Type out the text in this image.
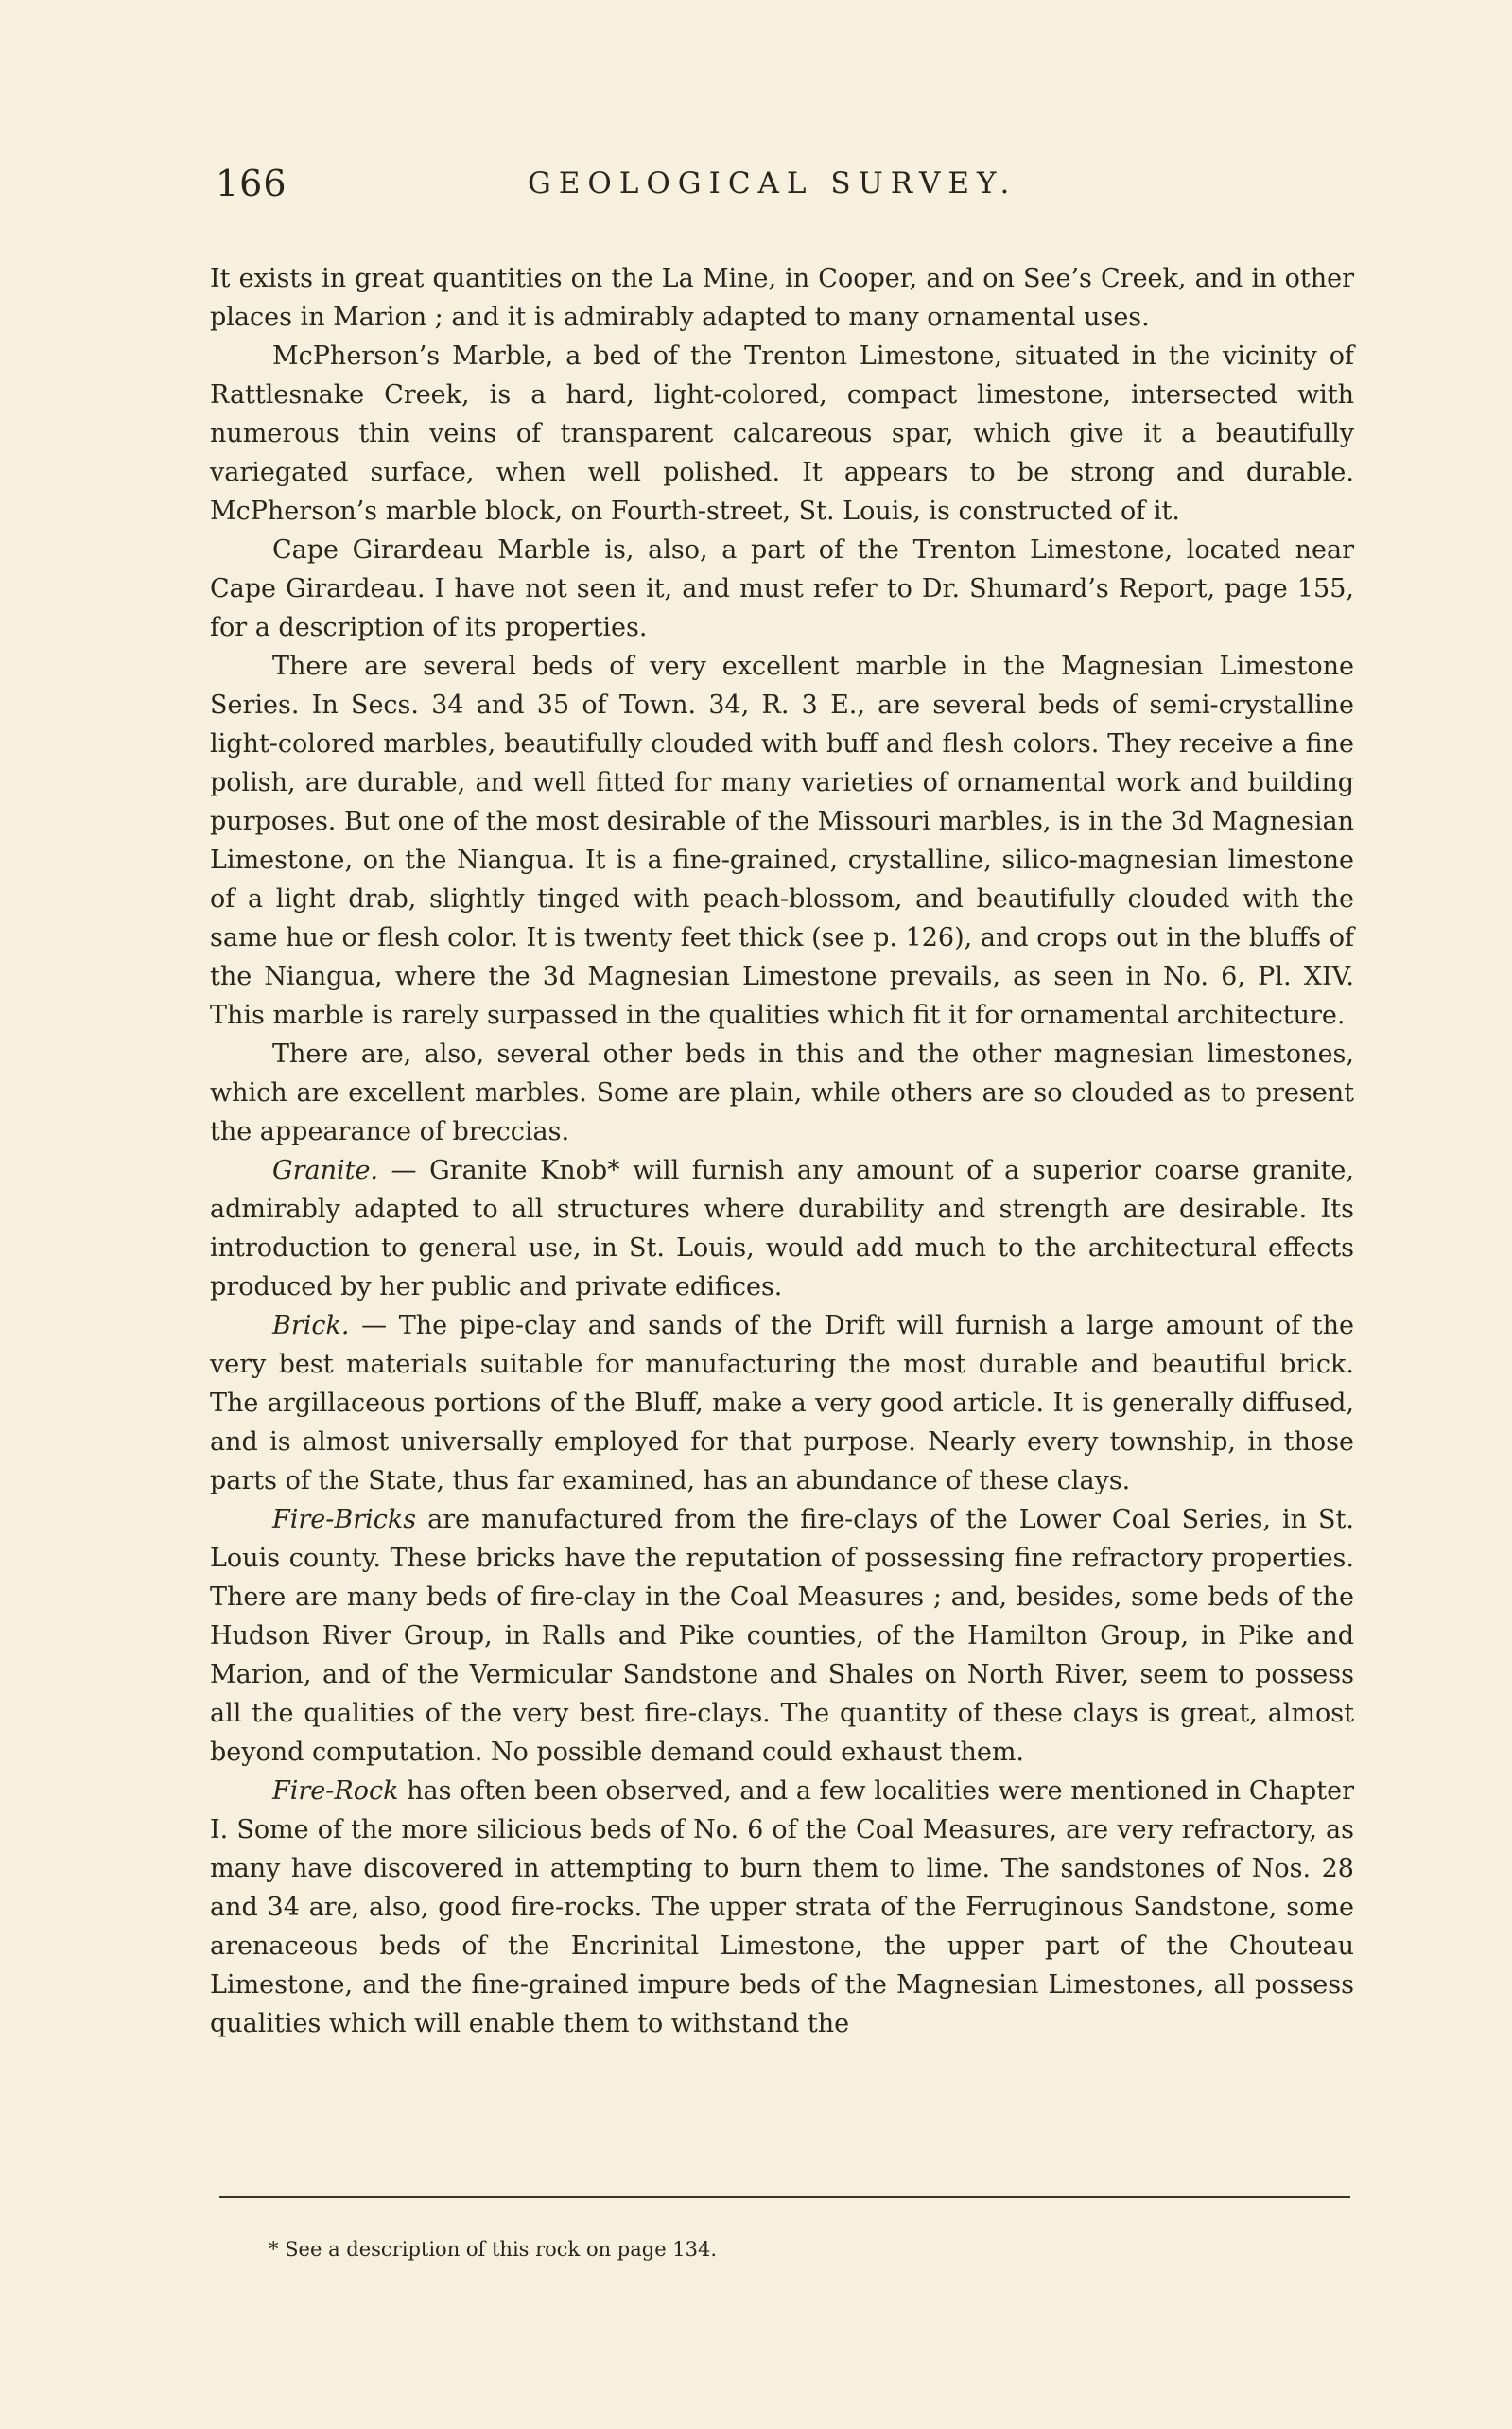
166	GEOLOGICAL SURVEY.

It exists in great quantities on the La Mine, in Cooper, and on See’s Creek, and in other places in Marion ; and it is admirably adapted to many ornamental uses.

McPherson’s Marble, a bed of the Trenton Limestone, situated in the vicinity of Rattlesnake Creek, is a hard, light-colored, compact limestone, intersected with numerous thin veins of transparent calcareous spar, which give it a beautifully variegated surface, when well polished. It appears to be strong and durable. McPherson’s marble block, on Fourth-street, St. Louis, is constructed of it.

Cape Girardeau Marble is, also, a part of the Trenton Limestone, located near Cape Girardeau. I have not seen it, and must refer to Dr. Shumard’s Report, page 155, for a description of its properties.

There are several beds of very excellent marble in the Magnesian Limestone Series. In Secs. 34 and 35 of Town. 34, R. 3 E., are several beds of semi-crystalline light-colored marbles, beautifully clouded with buff and flesh colors. They receive a fine polish, are durable, and well fitted for many varieties of ornamental work and building purposes. But one of the most desirable of the Missouri marbles, is in the 3d Magnesian Limestone, on the Niangua. It is a fine-grained, crystalline, silico-magnesian limestone of a light drab, slightly tinged with peach-blossom, and beautifully clouded with the same hue or flesh color. It is twenty feet thick (see p. 126), and crops out in the bluffs of the Niangua, where the 3d Magnesian Limestone prevails, as seen in No. 6, Pl. XIV. This marble is rarely surpassed in the qualities which fit it for ornamental architecture.

There are, also, several other beds in this and the other magnesian limestones, which are excellent marbles. Some are plain, while others are so clouded as to present the appearance of breccias.

Granite. — Granite Knob* will furnish any amount of a superior coarse granite, admirably adapted to all structures where durability and strength are desirable. Its introduction to general use, in St. Louis, would add much to the architectural effects produced by her public and private edifices.

Brick. — The pipe-clay and sands of the Drift will furnish a large amount of the very best materials suitable for manufacturing the most durable and beautiful brick. The argillaceous portions of the Bluff, make a very good article. It is generally diffused, and is almost universally employed for that purpose. Nearly every township, in those parts of the State, thus far examined, has an abundance of these clays.

Fire-Bricks are manufactured from the fire-clays of the Lower Coal Series, in St. Louis county. These bricks have the reputation of possessing fine refractory properties. There are many beds of fire-clay in the Coal Measures ; and, besides, some beds of the Hudson River Group, in Ralls and Pike counties, of the Hamilton Group, in Pike and Marion, and of the Vermicular Sandstone and Shales on North River, seem to possess all the qualities of the very best fire-clays. The quantity of these clays is great, almost beyond computation. No possible demand could exhaust them.

Fire-Rock has often been observed, and a few localities were mentioned in Chapter I. Some of the more silicious beds of No. 6 of the Coal Measures, are very refractory, as many have discovered in attempting to burn them to lime. The sandstones of Nos. 28 and 34 are, also, good fire-rocks. The upper strata of the Ferruginous Sandstone, some arenaceous beds of the Encrinital Limestone, the upper part of the Chouteau Limestone, and the fine-grained impure beds of the Magnesian Limestones, all possess qualities which will enable them to withstand the

* See a description of this rock on page 134.
